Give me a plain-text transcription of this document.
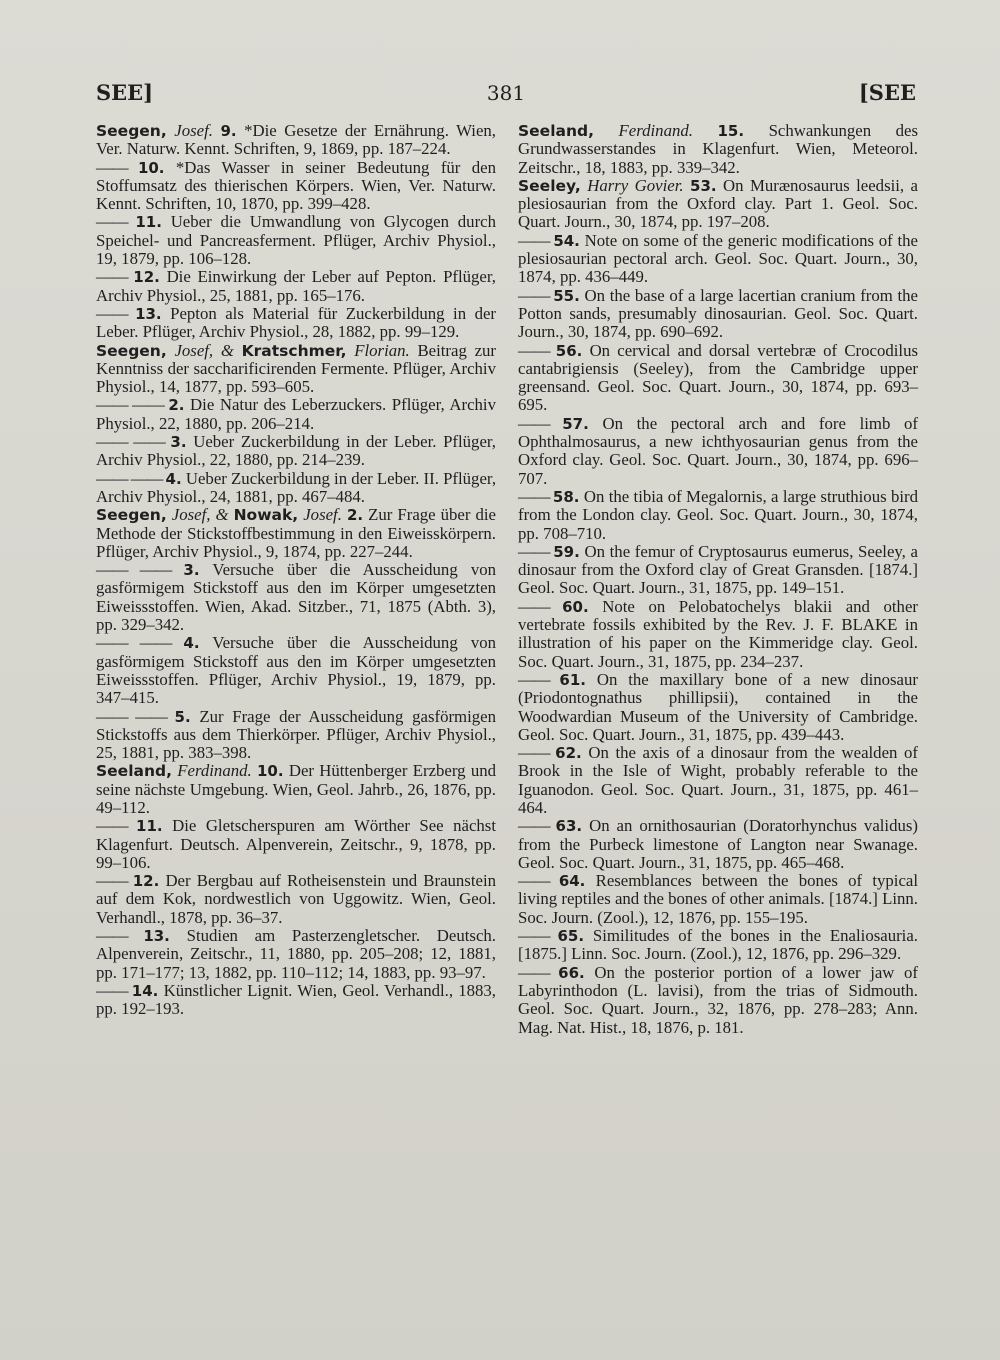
SEE]	381	[SEE

Seegen, Josef. 9. *Die Gesetze der Ernährung. Wien, Ver. Naturw. Kennt. Schriften, 9, 1869, pp. 187–224.

—— 10. *Das Wasser in seiner Bedeutung für den Stoffumsatz des thierischen Körpers. Wien, Ver. Naturw. Kennt. Schriften, 10, 1870, pp. 399–428.

—— 11. Ueber die Umwandlung von Glycogen durch Speichel- und Pancreasferment. Pflüger, Archiv Physiol., 19, 1879, pp. 106–128.

—— 12. Die Einwirkung der Leber auf Pepton. Pflüger, Archiv Physiol., 25, 1881, pp. 165–176.

—— 13. Pepton als Material für Zuckerbildung in der Leber. Pflüger, Archiv Physiol., 28, 1882, pp. 99–129.

Seegen, Josef, & Kratschmer, Florian. Beitrag zur Kenntniss der saccharificirenden Fermente. Pflüger, Archiv Physiol., 14, 1877, pp. 593–605.

—— —— 2. Die Natur des Leberzuckers. Pflüger, Archiv Physiol., 22, 1880, pp. 206–214.

—— —— 3. Ueber Zuckerbildung in der Leber. Pflüger, Archiv Physiol., 22, 1880, pp. 214–239.

—— —— 4. Ueber Zuckerbildung in der Leber. II. Pflüger, Archiv Physiol., 24, 1881, pp. 467–484.

Seegen, Josef, & Nowak, Josef. 2. Zur Frage über die Methode der Stickstoffbestimmung in den Eiweisskörpern. Pflüger, Archiv Physiol., 9, 1874, pp. 227–244.

—— —— 3. Versuche über die Ausscheidung von gasförmigem Stickstoff aus den im Körper umgesetzten Eiweissstoffen. Wien, Akad. Sitzber., 71, 1875 (Abth. 3), pp. 329–342.

—— —— 4. Versuche über die Ausscheidung von gasförmigem Stickstoff aus den im Körper umgesetzten Eiweissstoffen. Pflüger, Archiv Physiol., 19, 1879, pp. 347–415.

—— —— 5. Zur Frage der Ausscheidung gasförmigen Stickstoffs aus dem Thierkörper. Pflüger, Archiv Physiol., 25, 1881, pp. 383–398.

Seeland, Ferdinand. 10. Der Hüttenberger Erzberg und seine nächste Umgebung. Wien, Geol. Jahrb., 26, 1876, pp. 49–112.

—— 11. Die Gletscherspuren am Wörther See nächst Klagenfurt. Deutsch. Alpenverein, Zeitschr., 9, 1878, pp. 99–106.

—— 12. Der Bergbau auf Rotheisenstein und Braunstein auf dem Kok, nordwestlich von Uggowitz. Wien, Geol. Verhandl., 1878, pp. 36–37.

—— 13. Studien am Pasterzengletscher. Deutsch. Alpenverein, Zeitschr., 11, 1880, pp. 205–208; 12, 1881, pp. 171–177; 13, 1882, pp. 110–112; 14, 1883, pp. 93–97.

—— 14. Künstlicher Lignit. Wien, Geol. Verhandl., 1883, pp. 192–193.

Seeland, Ferdinand. 15. Schwankungen des Grundwasserstandes in Klagenfurt. Wien, Meteorol. Zeitschr., 18, 1883, pp. 339–342.

Seeley, Harry Govier. 53. On Murænosaurus leedsii, a plesiosaurian from the Oxford clay. Part 1. Geol. Soc. Quart. Journ., 30, 1874, pp. 197–208.

—— 54. Note on some of the generic modifications of the plesiosaurian pectoral arch. Geol. Soc. Quart. Journ., 30, 1874, pp. 436–449.

—— 55. On the base of a large lacertian cranium from the Potton sands, presumably dinosaurian. Geol. Soc. Quart. Journ., 30, 1874, pp. 690–692.

—— 56. On cervical and dorsal vertebræ of Crocodilus cantabrigiensis (Seeley), from the Cambridge upper greensand. Geol. Soc. Quart. Journ., 30, 1874, pp. 693–695.

—— 57. On the pectoral arch and fore limb of Ophthalmosaurus, a new ichthyosaurian genus from the Oxford clay. Geol. Soc. Quart. Journ., 30, 1874, pp. 696–707.

—— 58. On the tibia of Megalornis, a large struthious bird from the London clay. Geol. Soc. Quart. Journ., 30, 1874, pp. 708–710.

—— 59. On the femur of Cryptosaurus eumerus, Seeley, a dinosaur from the Oxford clay of Great Gransden. [1874.] Geol. Soc. Quart. Journ., 31, 1875, pp. 149–151.

—— 60. Note on Pelobatochelys blakii and other vertebrate fossils exhibited by the Rev. J. F. BLAKE in illustration of his paper on the Kimmeridge clay. Geol. Soc. Quart. Journ., 31, 1875, pp. 234–237.

—— 61. On the maxillary bone of a new dinosaur (Priodontognathus phillipsii), contained in the Woodwardian Museum of the University of Cambridge. Geol. Soc. Quart. Journ., 31, 1875, pp. 439–443.

—— 62. On the axis of a dinosaur from the wealden of Brook in the Isle of Wight, probably referable to the Iguanodon. Geol. Soc. Quart. Journ., 31, 1875, pp. 461–464.

—— 63. On an ornithosaurian (Doratorhynchus validus) from the Purbeck limestone of Langton near Swanage. Geol. Soc. Quart. Journ., 31, 1875, pp. 465–468.

—— 64. Resemblances between the bones of typical living reptiles and the bones of other animals. [1874.] Linn. Soc. Journ. (Zool.), 12, 1876, pp. 155–195.

—— 65. Similitudes of the bones in the Enaliosauria. [1875.] Linn. Soc. Journ. (Zool.), 12, 1876, pp. 296–329.

—— 66. On the posterior portion of a lower jaw of Labyrinthodon (L. lavisi), from the trias of Sidmouth. Geol. Soc. Quart. Journ., 32, 1876, pp. 278–283; Ann. Mag. Nat. Hist., 18, 1876, p. 181.
